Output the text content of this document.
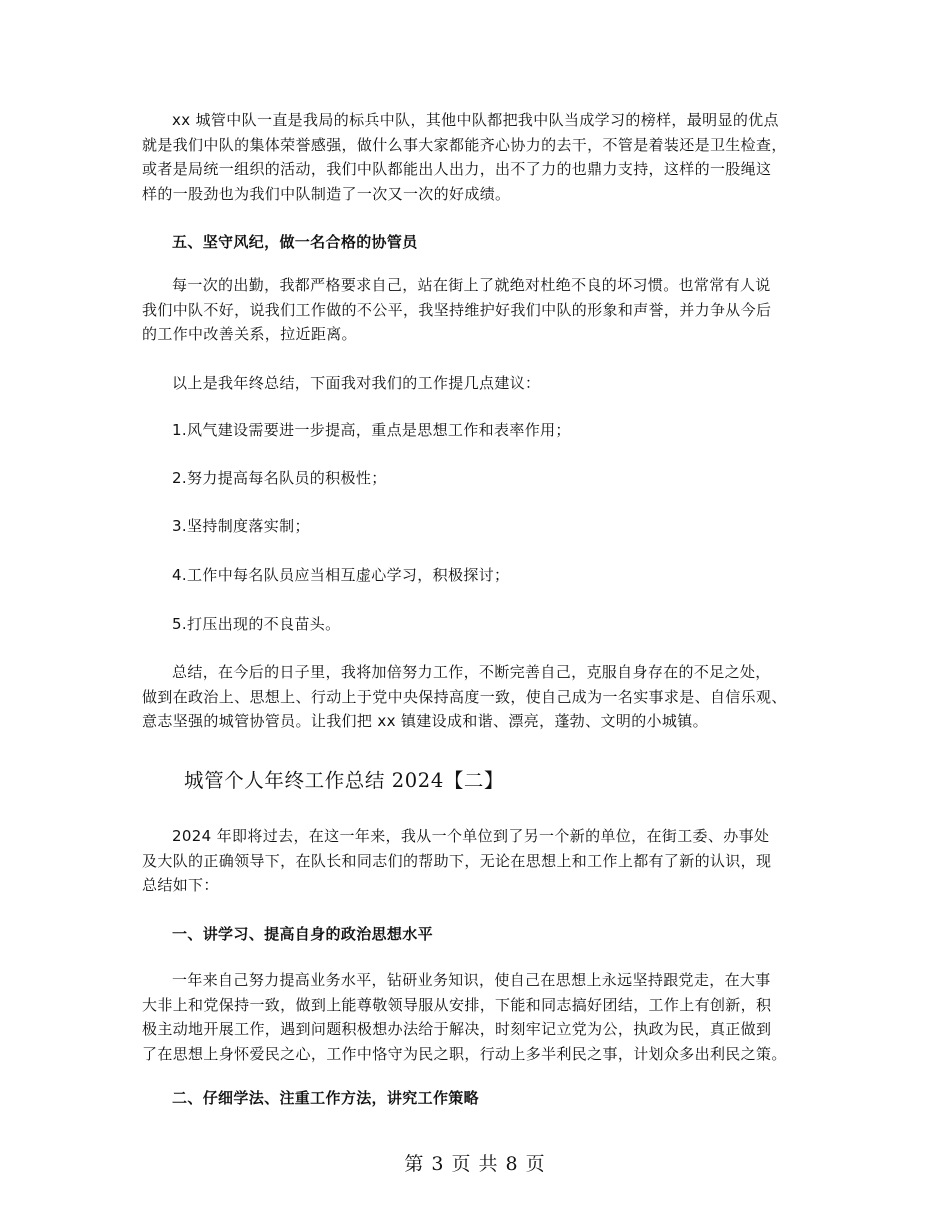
xx 城管中队一直是我局的标兵中队，其他中队都把我中队当成学习的榜样，最明显的优点
就是我们中队的集体荣誉感强，做什么事大家都能齐心协力的去干，不管是着装还是卫生检查，
或者是局统一组织的活动，我们中队都能出人出力，出不了力的也鼎力支持，这样的一股绳这
样的一股劲也为我们中队制造了一次又一次的好成绩。
五、坚守风纪，做一名合格的协管员
每一次的出勤，我都严格要求自己，站在街上了就绝对杜绝不良的坏习惯。也常常有人说
我们中队不好，说我们工作做的不公平，我坚持维护好我们中队的形象和声誉，并力争从今后
的工作中改善关系，拉近距离。
以上是我年终总结，下面我对我们的工作提几点建议：
1.风气建设需要进一步提高，重点是思想工作和表率作用；
2.努力提高每名队员的积极性；
3.坚持制度落实制；
4.工作中每名队员应当相互虚心学习，积极探讨；
5.打压出现的不良苗头。
总结，在今后的日子里，我将加倍努力工作，不断完善自己，克服自身存在的不足之处，
做到在政治上、思想上、行动上于党中央保持高度一致，使自己成为一名实事求是、自信乐观、
意志坚强的城管协管员。让我们把 xx 镇建设成和谐、漂亮，蓬勃、文明的小城镇。
城管个人年终工作总结 2024【二】
2024 年即将过去，在这一年来，我从一个单位到了另一个新的单位，在街工委、办事处
及大队的正确领导下，在队长和同志们的帮助下，无论在思想上和工作上都有了新的认识，现
总结如下：
一、讲学习、提高自身的政治思想水平
一年来自己努力提高业务水平，钻研业务知识，使自己在思想上永远坚持跟党走，在大事
大非上和党保持一致，做到上能尊敬领导服从安排，下能和同志搞好团结，工作上有创新，积
极主动地开展工作，遇到问题积极想办法给于解决，时刻牢记立党为公，执政为民，真正做到
了在思想上身怀爱民之心，工作中恪守为民之职，行动上多半利民之事，计划众多出利民之策。
二、仔细学法、注重工作方法，讲究工作策略
第 3 页 共 8 页
